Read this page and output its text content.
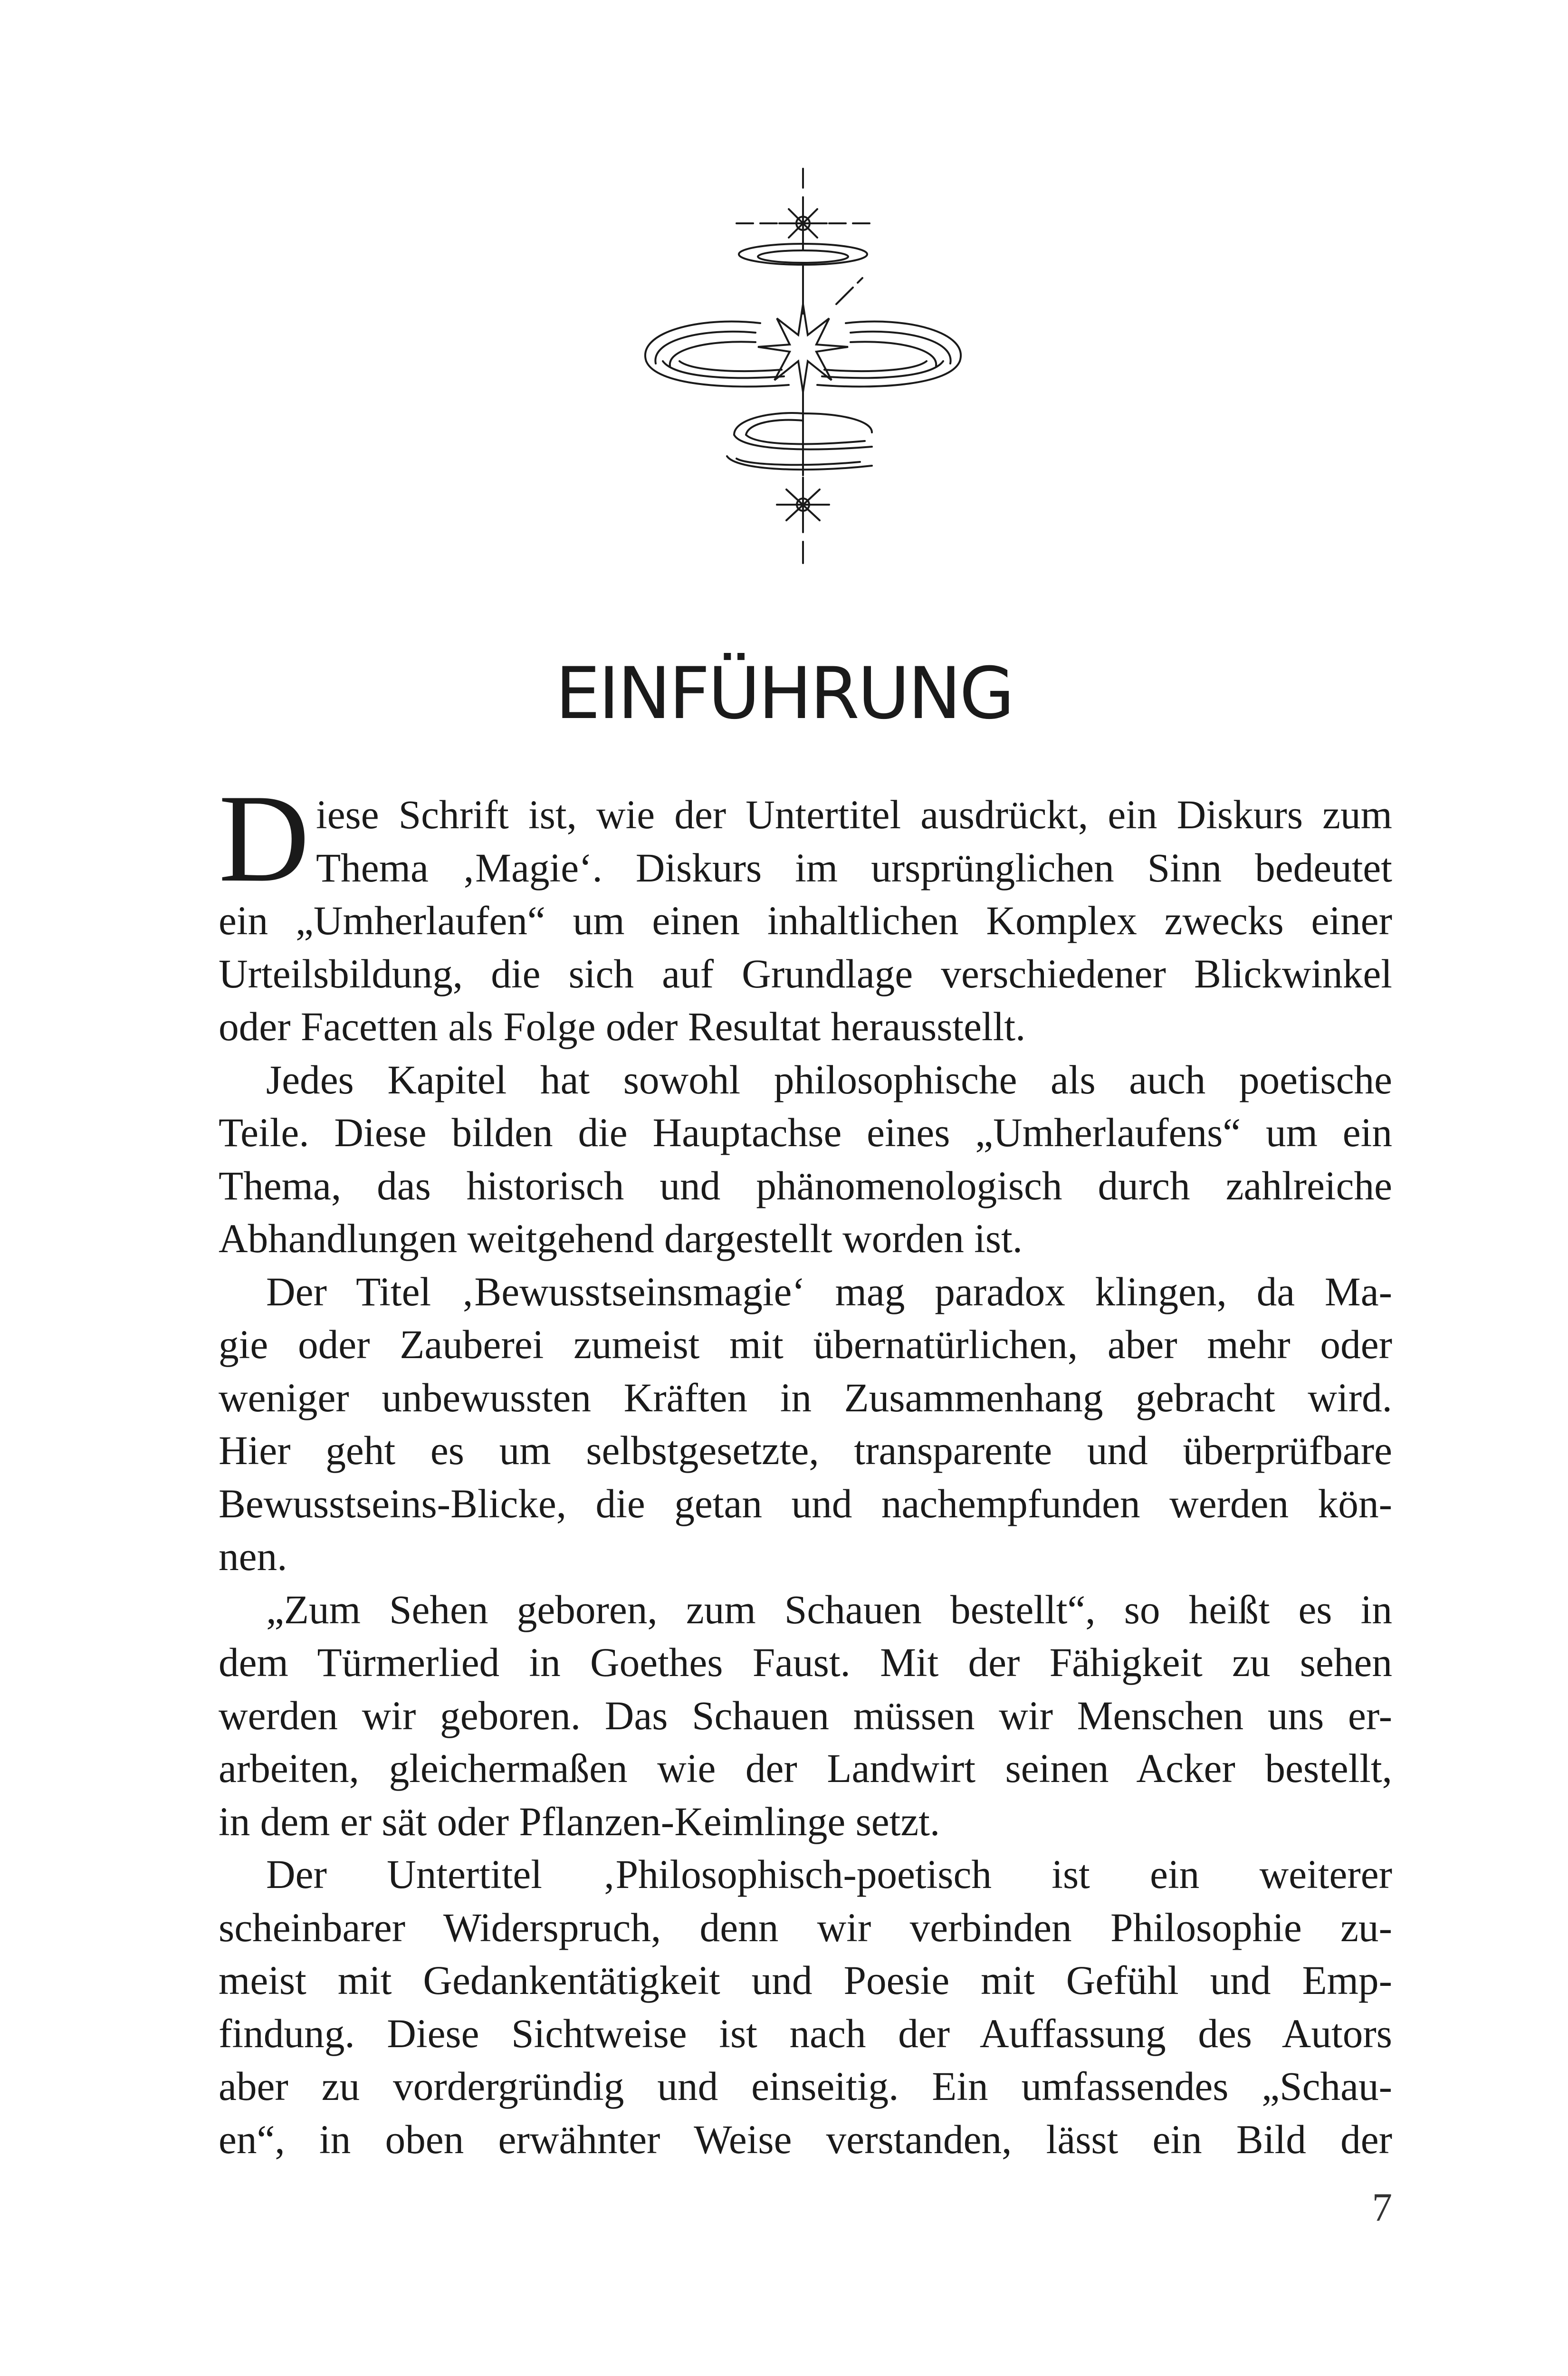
EINFÜHRUNG
D iese Schrift ist, wie der Untertitel ausdrückt, ein Diskurs zum
Thema ‚Magie‘. Diskurs im ursprünglichen Sinn bedeutet
ein „Umherlaufen“ um einen inhaltlichen Komplex zwecks einer
Urteilsbildung, die sich auf Grundlage verschiedener Blickwinkel
oder Facetten als Folge oder Resultat herausstellt.

Jedes Kapitel hat sowohl philosophische als auch poetische
Teile. Diese bilden die Hauptachse eines „Umherlaufens“ um ein
Thema, das historisch und phänomenologisch durch zahlreiche
Abhandlungen weitgehend dargestellt worden ist.

Der Titel ‚Bewusstseinsmagie‘ mag paradox klingen, da Ma-
gie oder Zauberei zumeist mit übernatürlichen, aber mehr oder
weniger unbewussten Kräften in Zusammenhang gebracht wird.
Hier geht es um selbstgesetzte, transparente und überprüfbare
Bewusstseins-Blicke, die getan und nachempfunden werden kön-
nen.

„Zum Sehen geboren, zum Schauen bestellt“, so heißt es in
dem Türmerlied in Goethes Faust. Mit der Fähigkeit zu sehen
werden wir geboren. Das Schauen müssen wir Menschen uns er-
arbeiten, gleichermaßen wie der Landwirt seinen Acker bestellt,
in dem er sät oder Pflanzen-Keimlinge setzt.

Der Untertitel ‚Philosophisch-poetisch ist ein weiterer
scheinbarer Widerspruch, denn wir verbinden Philosophie zu-
meist mit Gedankentätigkeit und Poesie mit Gefühl und Emp-
findung. Diese Sichtweise ist nach der Auffassung des Autors
aber zu vordergründig und einseitig. Ein umfassendes „Schau-
en“, in oben erwähnter Weise verstanden, lässt ein Bild der

7
